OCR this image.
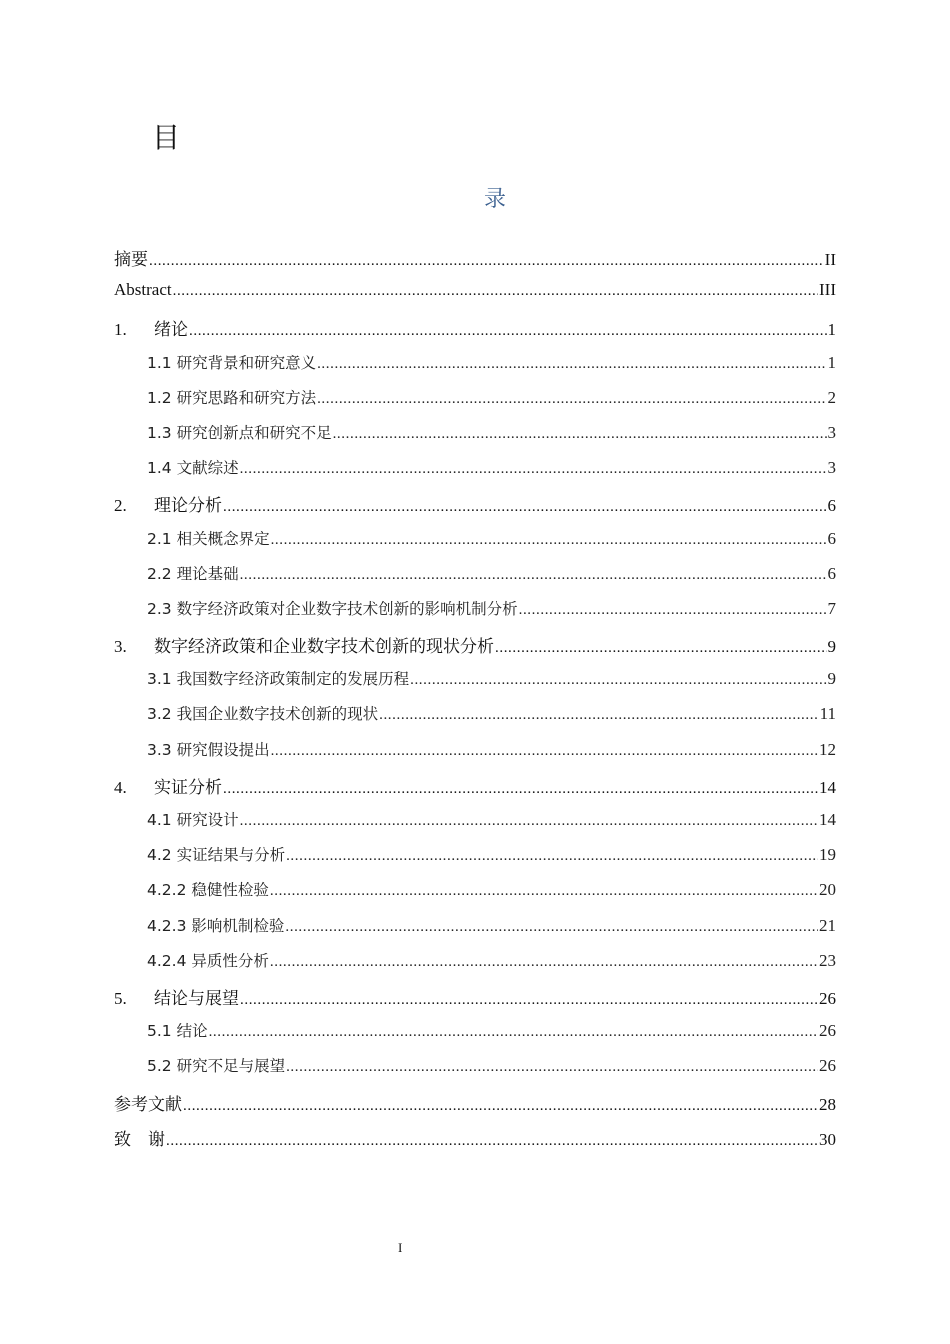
目
录
摘要 .....	II
Abstract .....	III
1.	绪论 .....	1
1.1 研究背景和研究意义 .....	1
1.2 研究思路和研究方法 .....	2
1.3 研究创新点和研究不足 .....	3
1.4 文献综述 .....	3
2.	理论分析 .....	6
2.1 相关概念界定 .....	6
2.2 理论基础 .....	6
2.3 数字经济政策对企业数字技术创新的影响机制分析 .....	7
3.	数字经济政策和企业数字技术创新的现状分析 .....	9
3.1 我国数字经济政策制定的发展历程 .....	9
3.2 我国企业数字技术创新的现状 .....	11
3.3 研究假设提出 .....	12
4.	实证分析 .....	14
4.1 研究设计 .....	14
4.2 实证结果与分析 .....	19
4.2.2 稳健性检验 .....	20
4.2.3 影响机制检验 .....	21
4.2.4 异质性分析 .....	23
5.	结论与展望 .....	26
5.1 结论 .....	26
5.2 研究不足与展望 .....	26
参考文献 .....	28
致　谢 .....	30
I
